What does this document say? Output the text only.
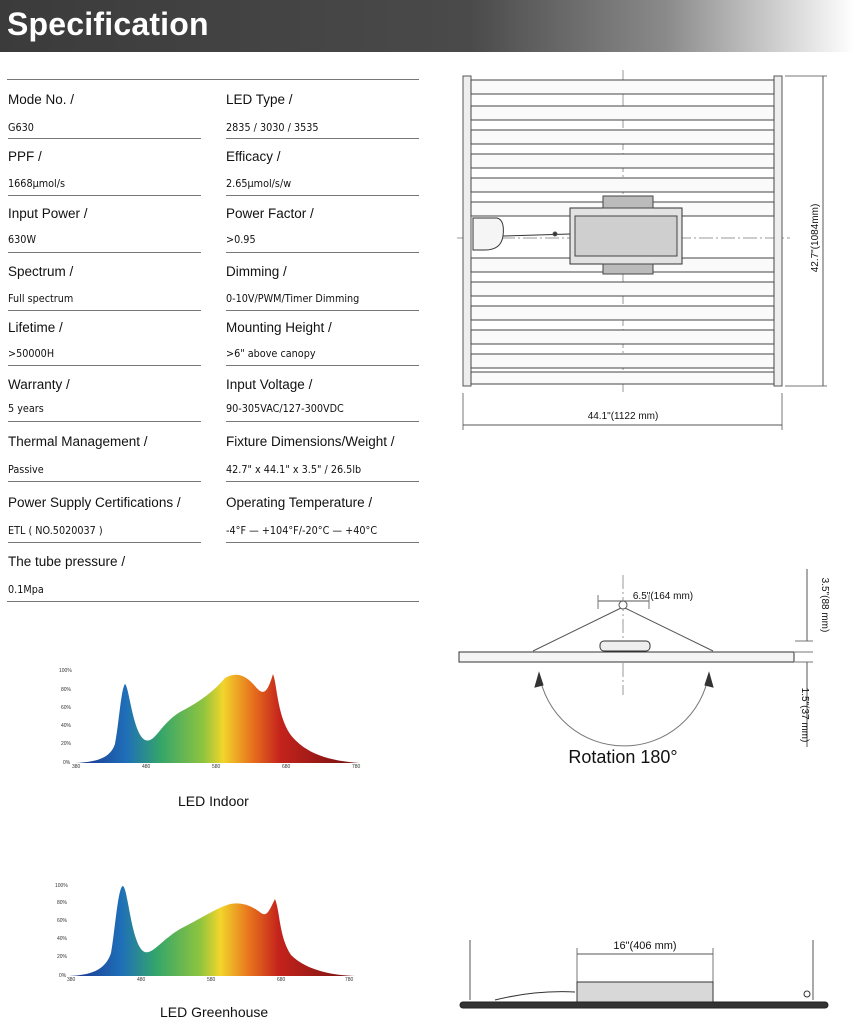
Specification
Mode No. /
G630
PPF /
1668μmol/s
Input Power /
630W
Spectrum /
Full spectrum
Lifetime /
>50000H
Warranty /
5 years
Thermal Management /
Passive
Power Supply Certifications /
ETL ( NO.5020037 )
The tube pressure /
0.1Mpa
LED Type /
2835 / 3030 / 3535
Efficacy /
2.65μmol/s/w
Power Factor /
>0.95
Dimming /
0-10V/PWM/Timer Dimming
Mounting Height /
>6" above canopy
Input Voltage /
90-305VAC/127-300VDC
Fixture Dimensions/Weight /
42.7" x 44.1" x 3.5" / 26.5lb
Operating Temperature /
-4°F — +104°F/-20°C — +40°C
42.7"(1084mm)
44.1"(1122 mm)
6.5"(164 mm)
Rotation 180°
3.5"(88 mm)
1.5"(37 mm)
16"(406 mm)
100%
80%
60%
40%
20%
0%
380	480	580	680	780
LED Indoor
100%
80%
60%
40%
20%
0%
380	480	580	680	780
LED Greenhouse
